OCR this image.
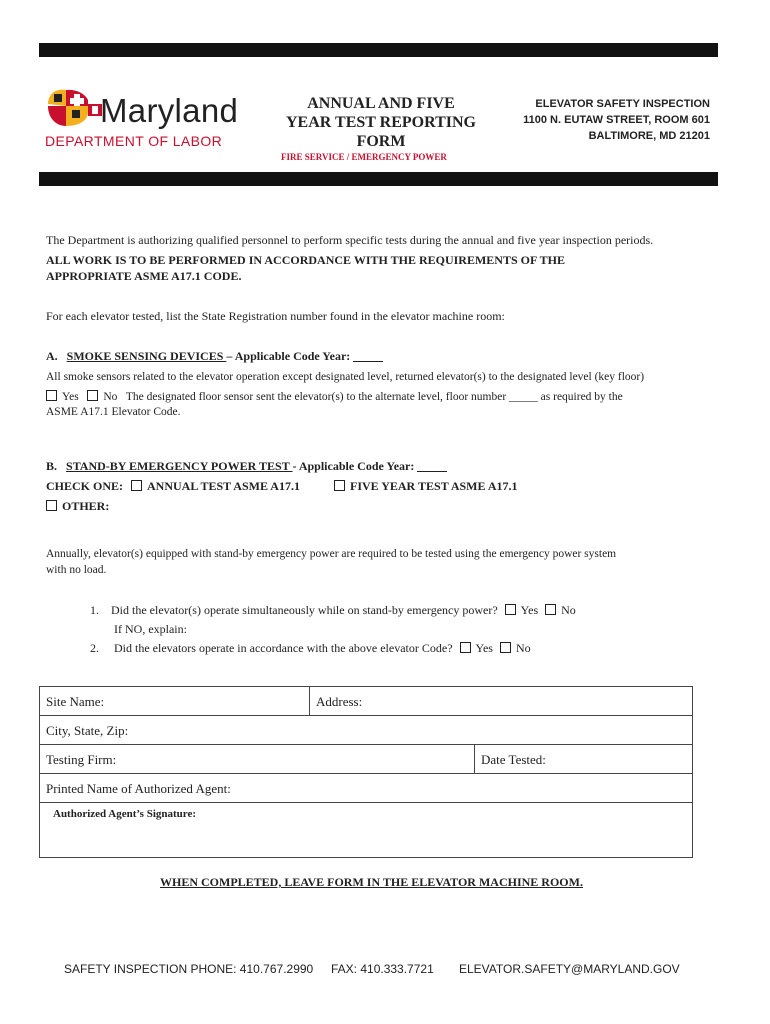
Maryland
DEPARTMENT OF LABOR
ANNUAL AND FIVE
YEAR TEST REPORTING
FORM
FIRE SERVICE / EMERGENCY POWER
ELEVATOR SAFETY INSPECTION
1100 N. EUTAW STREET, ROOM 601
BALTIMORE, MD 21201
The Department is authorizing qualified personnel to perform specific tests during the annual and five year inspection periods.
ALL WORK IS TO BE PERFORMED IN ACCORDANCE WITH THE REQUIREMENTS OF THE
APPROPRIATE ASME A17.1 CODE.
For each elevator tested, list the State Registration number found in the elevator machine room:
A. SMOKE SENSING DEVICES – Applicable Code Year:
All smoke sensors related to the elevator operation except designated level, returned elevator(s) to the designated level (key floor)
Yes No The designated floor sensor sent the elevator(s) to the alternate level, floor number _____ as required by the
ASME A17.1 Elevator Code.
B. STAND-BY EMERGENCY POWER TEST - Applicable Code Year:
CHECK ONE: ANNUAL TEST ASME A17.1	FIVE YEAR TEST ASME A17.1
OTHER:
Annually, elevator(s) equipped with stand-by emergency power are required to be tested using the emergency power system
with no load.
1. Did the elevator(s) operate simultaneously while on stand-by emergency power? Yes No
If NO, explain:
2. Did the elevators operate in accordance with the above elevator Code? Yes No
Site Name:	Address:
City, State, Zip:
Testing Firm:	Date Tested:
Printed Name of Authorized Agent:
Authorized Agent’s Signature:
WHEN COMPLETED, LEAVE FORM IN THE ELEVATOR MACHINE ROOM.
SAFETY INSPECTION PHONE: 410.767.2990 FAX: 410.333.7721 ELEVATOR.SAFETY@MARYLAND.GOV
